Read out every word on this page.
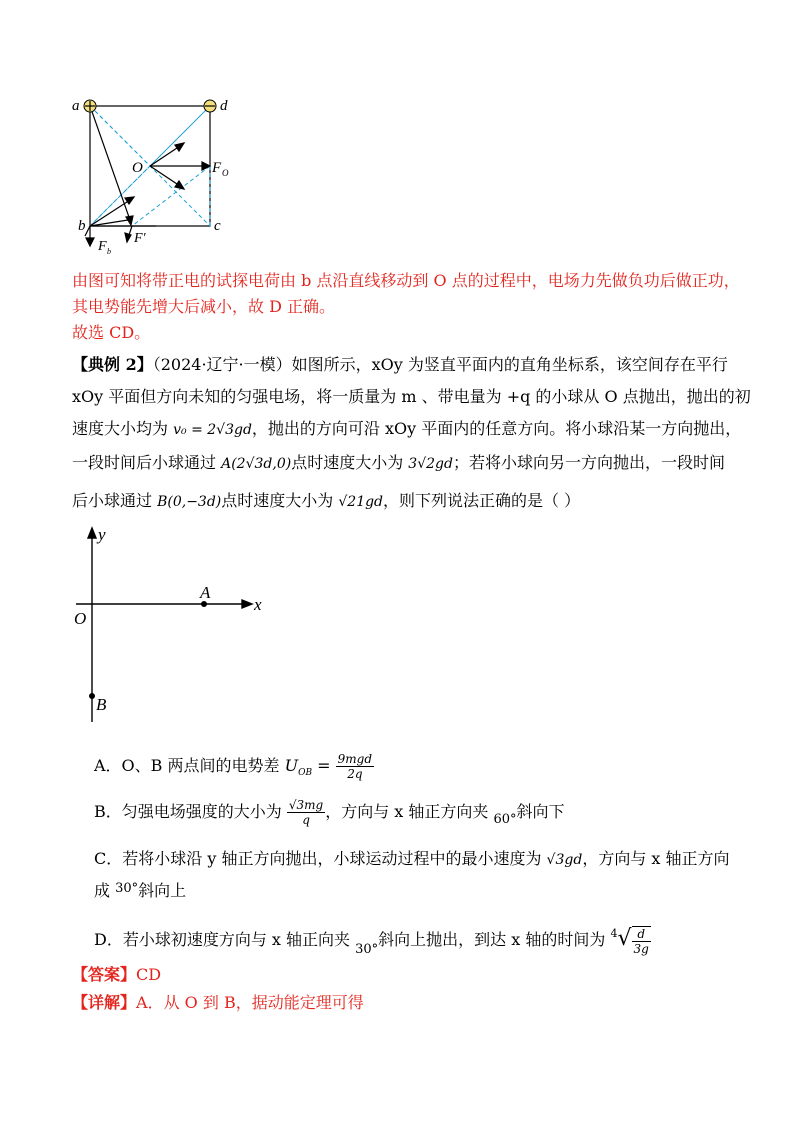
a	d
b	c
O	F O
F b
F′
由图可知将带正电的试探电荷由 b 点沿直线移动到 O 点的过程中，电场力先做负功后做正功，
其电势能先增大后减小，故 D 正确。
故选 CD。
【典例 2】（2024·辽宁·一模）如图所示，xOy 为竖直平面内的直角坐标系，该空间存在平行
xOy 平面但方向未知的匀强电场，将一质量为 m 、带电量为 +q 的小球从 O 点抛出，抛出的初
速度大小均为 v₀ = 2√3gd，抛出的方向可沿 xOy 平面内的任意方向。将小球沿某一方向抛出，
一段时间后小球通过 A(2√3d,0)点时速度大小为 3√2gd；若将小球向另一方向抛出，一段时间
后小球通过 B(0,−3d)点时速度大小为 √21gd，则下列说法正确的是（ ）
y
x
O
A
B
A．O、B 两点间的电势差 $U_{OB} = \frac{\text{9mgd}}{2q}$
B．匀强电场强度的大小为 $\frac{√3mg}{q}$ ，方向与 x 轴正方向夹 $_{60^\circ}$斜向下
C．若将小球沿 y 轴正方向抛出，小球运动过程中的最小速度为 √3gd，方向与 x 轴正方向
成 $^{30^\circ}$斜向上
D．若小球初速度方向与 x 轴正向夹 $_{30^\circ}$斜向上抛出，到达 x 轴的时间为 $^4√ \frac{d}{3g}$
【答案】CD
【详解】A．从 O 到 B，据动能定理可得
